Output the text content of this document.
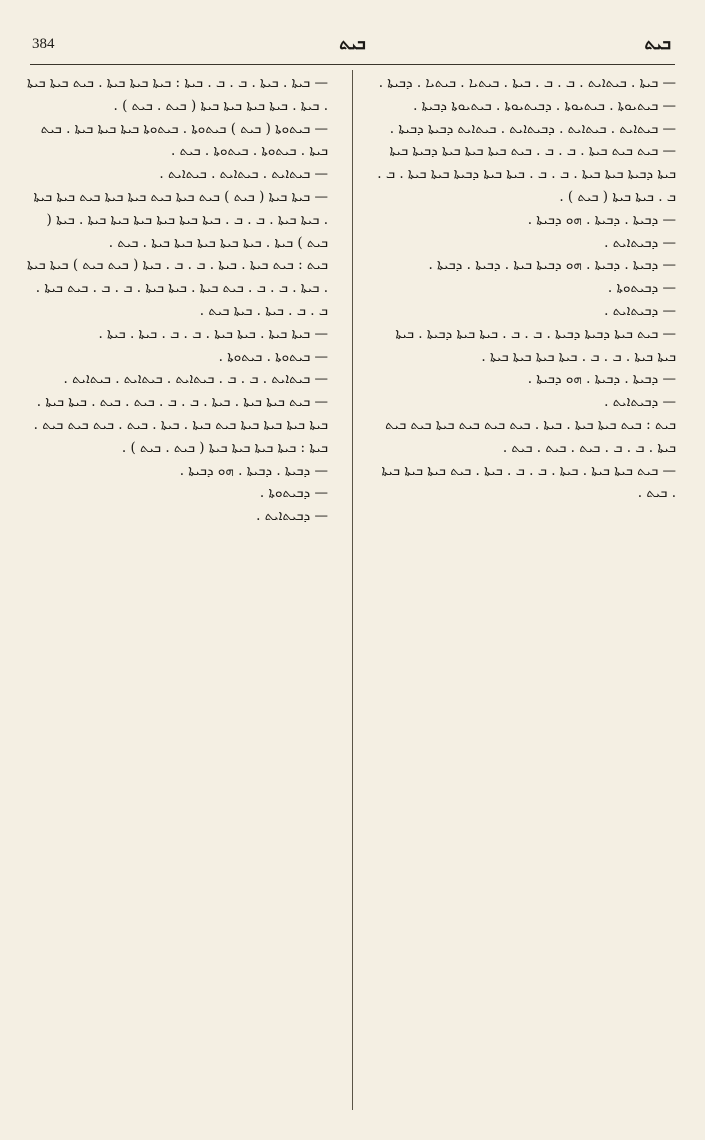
384	ܒܝܬ	ܒܝܬ

— ܒܝܬܐ . ܒܝܬܐܝܬ . ܒ . ܒ . ܒܝܬܐ . ܒܝܬܝܐ . ܒܝܬܝܐ . ܕܒܝܬܐ .

— ܒܝܬܝܘܬܐ . ܒܝܬܝܘܬܐ . ܕܒܝܬܝܘܬܐ . ܒܝܬܝܘܬܐ ܕܒܝܬܐ .

— ܒܝܬܐܝܬ . ܒܝܬܐܝܬ . ܕܒܝܬܐܝܬ . ܒܝܬܐܝܬ ܕܒܝܬܐ ܕܒܝܬܐ .

— ܒܝܬ ܒܝܬ ܒܝܬܐ . ܒ . ܒ . ܒܝܬ ܒܝܬܐ ܒܝܬܐ ܒܝܬܐ ܕܒܝܬܐ ܒܝܬܐ ܒܝܬܐ ܕܒܝܬܐ ܒܝܬܐ ܒܝܬܐ . ܒ . ܒ . ܒܝܬܐ ܒܝܬܐ ܕܒܝܬܐ ܒܝܬܐ ܒܝܬܐ . ܒ . ܒ . ܒܝܬܐ ܒܝܬܐ ( ܒܝܬ ) .

— ܕܒܝܬܐ . ܕܒܝܬܐ . ܗܘ ܕܒܝܬܐ .

— ܕܒܝܬܐܝܬ .

— ܕܒܝܬܐ . ܕܒܝܬܐ . ܗܘ ܕܒܝܬܐ ܒܝܬܐ . ܕܒܝܬܐ . ܕܒܝܬܐ .

— ܕܒܝܬܘܬܐ .

— ܕܒܝܬܐܝܬ .

— ܒܝܬ ܒܝܬܐ ܕܒܝܬܐ ܕܒܝܬܐ . ܒ . ܒ . ܒܝܬܐ ܒܝܬܐ ܕܒܝܬܐ . ܒܝܬܐ ܒܝܬܐ ܒܝܬܐ . ܒ . ܒ . ܒܝܬܐ ܒܝܬܐ ܒܝܬܐ ܒܝܬܐ .

— ܕܒܝܬܐ . ܕܒܝܬܐ . ܗܘ ܕܒܝܬܐ .

— ܕܒܝܬܐܝܬ .

ܒܝܬ : ܒܝܬ ܒܝܬܐ ܒܝܬܐ . ܒܝܬܐ . ܒܝܬ ܒܝܬ ܒܝܬ ܒܝܬܐ ܒܝܬ ܒܝܬ ܒܝܬܐ . ܒ . ܒ . ܒܝܬ . ܒܝܬ . ܒܝܬ .

— ܒܝܬ ܒܝܬܐ ܒܝܬܐ . ܒܝܬܐ . ܒ . ܒ . ܒܝܬܐ . ܒܝܬ ܒܝܬܐ ܒܝܬܐ ܒܝܬܐ . ܒܝܬ .

— ܒܝܬܐ . ܒܝܬܐ . ܒ . ܒ . ܒܝܬܐ : ܒܝܬܐ ܒܝܬܐ ܒܝܬܐ . ܒܝܬ ܒܝܬܐ ܒܝܬܐ . ܒܝܬܐ . ܒܝܬܐ ܒܝܬܐ ܒܝܬܐ ܒܝܬܐ ( ܒܝܬ . ܒܝܬ ) .

— ܒܝܬܘܬܐ ( ܒܝܬ ) ܒܝܬܘܬܐ . ܒܝܬܘܬܐ ܒܝܬܐ ܒܝܬܐ ܒܝܬܐ . ܒܝܬ ܒܝܬܐ . ܒܝܬܘܬܐ . ܒܝܬܘܬܐ . ܒܝܬ .

— ܒܝܬܐܝܬ . ܒܝܬܐܝܬ . ܒܝܬܐܝܬ .

— ܒܝܬܐ ܒܝܬܐ ( ܒܝܬ ) ܒܝܬ ܒܝܬܐ ܒܝܬ ܒܝܬܐ ܒܝܬܐ ܒܝܬ ܒܝܬܐ ܒܝܬܐ . ܒܝܬܐ ܒܝܬܐ . ܒ . ܒ . ܒܝܬܐ ܒܝܬܐ ܒܝܬܐ ܒܝܬܐ ܒܝܬܐ ܒܝܬܐ . ܒܝܬܐ ( ܒܝܬ ) ܒܝܬܐ . ܒܝܬܐ ܒܝܬܐ ܒܝܬܐ ܒܝܬܐ ܒܝܬܐ . ܒܝܬ .

ܒܝܬ : ܒܝܬ ܒܝܬܐ . ܒܝܬܐ . ܒ . ܒ . ܒܝܬܐ ( ܒܝܬ ܒܝܬ ) ܒܝܬܐ ܒܝܬܐ . ܒܝܬܐ . ܒ . ܒ . ܒܝܬ ܒܝܬܐ . ܒܝܬܐ ܒܝܬܐ . ܒ . ܒ . ܒܝܬ ܒܝܬܐ . ܒ . ܒ . ܒܝܬܐ . ܒܝܬܐ ܒܝܬ .

— ܒܝܬܐ ܒܝܬܐ . ܒܝܬܐ ܒܝܬܐ . ܒ . ܒ . ܒܝܬܐ . ܒܝܬܐ .

— ܒܝܬܘܬܐ . ܒܝܬܘܬܐ .

— ܒܝܬܐܝܬ . ܒ . ܒ . ܒܝܬܐܝܬ . ܒܝܬܐܝܬ . ܒܝܬܐܝܬ .

— ܒܝܬ ܒܝܬܐ ܒܝܬܐ . ܒܝܬܐ . ܒ . ܒ . ܒܝܬ . ܒܝܬ . ܒܝܬܐ ܒܝܬܐ . ܒܝܬܐ ܒܝܬܐ ܒܝܬܐ ܒܝܬܐ ܒܝܬ ܒܝܬܐ . ܒܝܬܐ . ܒܝܬ . ܒܝܬ ܒܝܬ ܒܝܬ . ܒܝܬܐ : ܒܝܬܐ ܒܝܬܐ ܒܝܬܐ ܒܝܬܐ ( ܒܝܬ . ܒܝܬ ) .

— ܕܒܝܬܐ . ܕܒܝܬܐ . ܗܘ ܕܒܝܬܐ .

— ܕܒܝܬܘܬܐ .

— ܕܒܝܬܐܝܬ .
